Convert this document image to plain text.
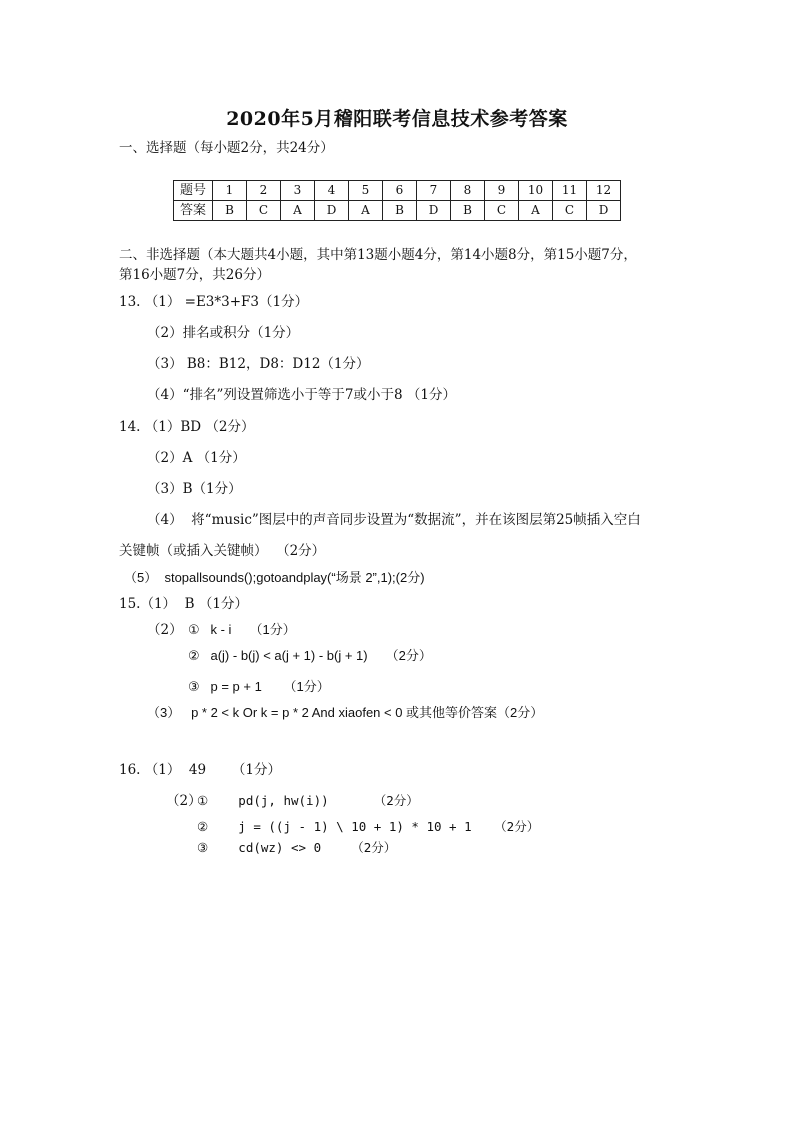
2020年5月稽阳联考信息技术参考答案
一、选择题（每小题2分，共24分）
题号	1	2	3	4	5	6	7	8	9	10	11	12
答案	B	C	A	D	A	B	D	B	C	A	C	D
二、非选择题（本大题共4小题，其中第13题小题4分，第14小题8分，第15小题7分，
第16小题7分，共26分）
13. （1） =E3*3+F3（1分）
（2）排名或积分（1分）
（3） B8：B12，D8：D12（1分）
（4）“排名”列设置筛选小于等于7或小于8 （1分）
14. （1）BD （2分）
（2）A （1分）
（3）B（1分）
（4）  将“music”图层中的声音同步设置为“数据流”，并在该图层第25帧插入空白
关键帧（或插入关键帧）  （2分）
（5）  stopallsounds();gotoandplay(“场景 2”,1);(2分)
15.（1）  B （1分）
（2） ①   k - i     （1分）
②   a(j) - b(j) < a(j + 1) - b(j + 1)     （2分）
③   p = p + 1      （1分）
（3）   p * 2 < k Or k = p * 2 And xiaofen < 0 或其他等价答案（2分）
16. （1）  49      （1分）
（2）
①    pd(j, hw(i))      （2分）
②    j = ((j - 1) \ 10 + 1) * 10 + 1   （2分）
③    cd(wz) <> 0    （2分）
